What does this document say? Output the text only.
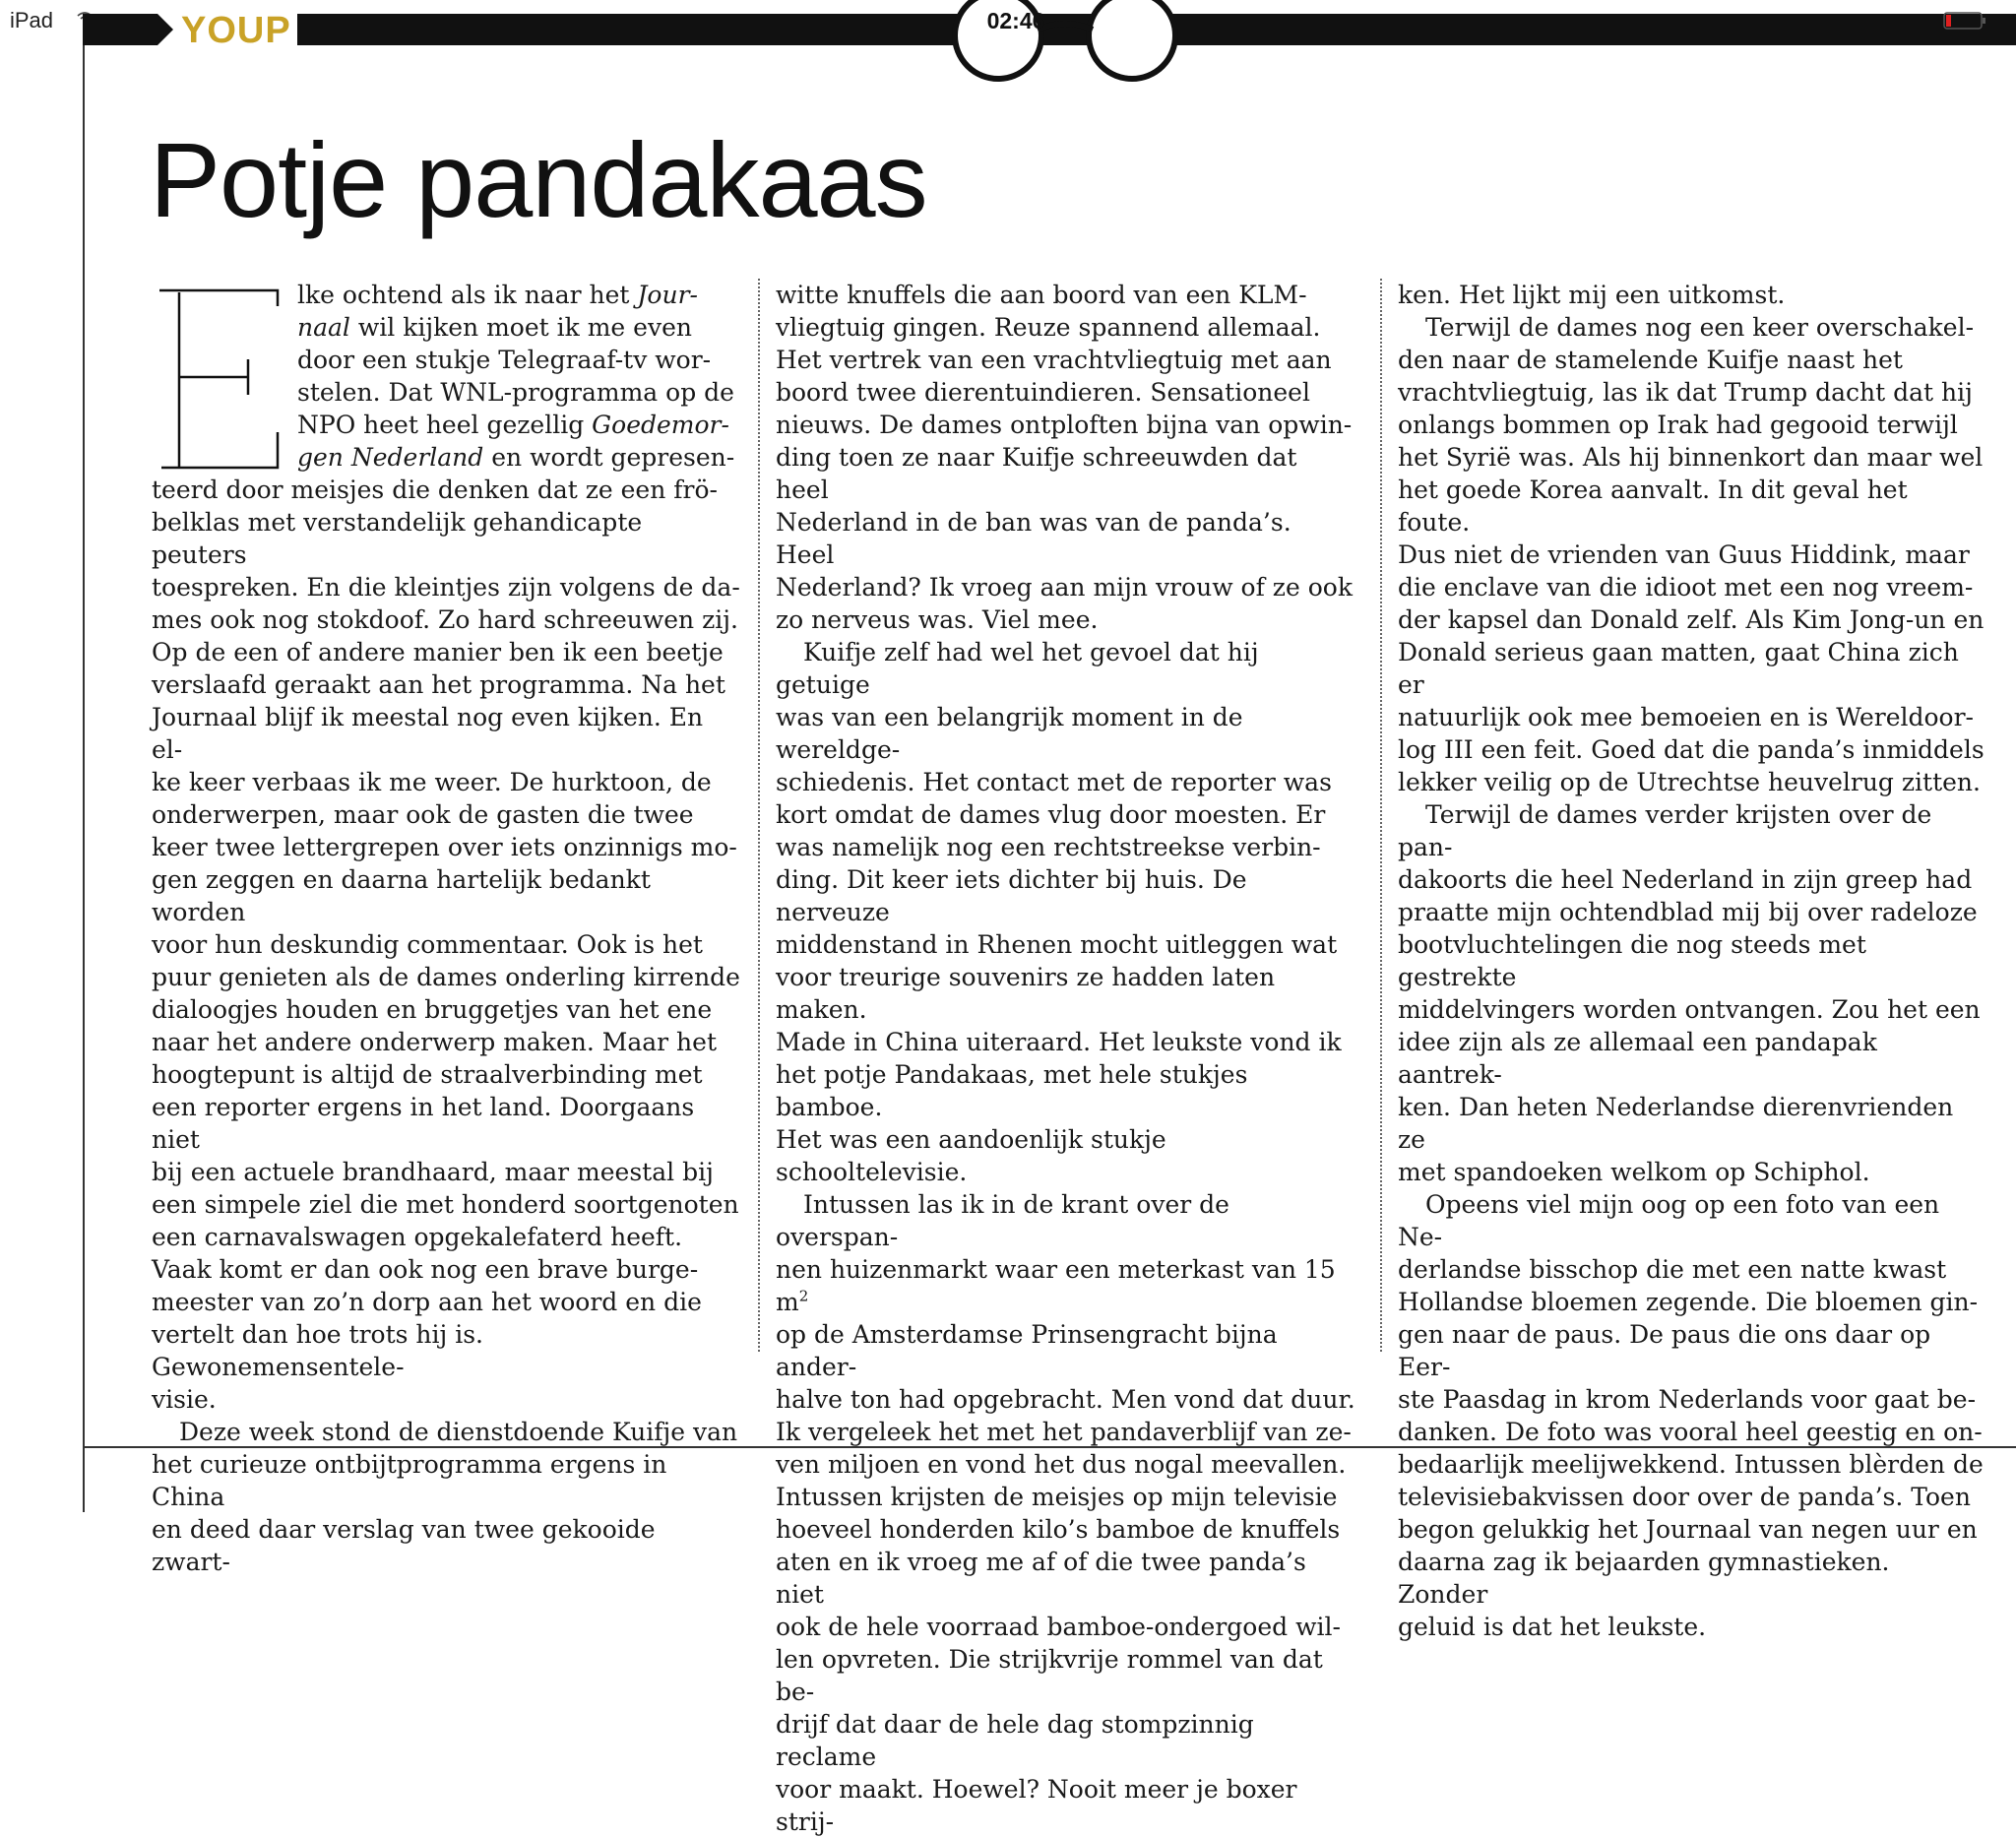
iPad	YOUP	02:46
Potje pandakaas
E	lke ochtend als ik naar het Jour-
naal wil kijken moet ik me even
door een stukje Telegraaf-tv wor-
stelen. Dat WNL-programma op de
NPO heet heel gezellig Goedemor-
gen Nederland en wordt gepresen-
teerd door meisjes die denken dat ze een frö-
belklas met verstandelijk gehandicapte peuters
toespreken. En die kleintjes zijn volgens de da-
mes ook nog stokdoof. Zo hard schreeuwen zij.
Op de een of andere manier ben ik een beetje
verslaafd geraakt aan het programma. Na het
Journaal blijf ik meestal nog even kijken. En el-
ke keer verbaas ik me weer. De hurktoon, de
onderwerpen, maar ook de gasten die twee
keer twee lettergrepen over iets onzinnigs mo-
gen zeggen en daarna hartelijk bedankt worden
voor hun deskundig commentaar. Ook is het
puur genieten als de dames onderling kirrende
dialoogjes houden en bruggetjes van het ene
naar het andere onderwerp maken. Maar het
hoogtepunt is altijd de straalverbinding met
een reporter ergens in het land. Doorgaans niet
bij een actuele brandhaard, maar meestal bij
een simpele ziel die met honderd soortgenoten
een carnavalswagen opgekalefaterd heeft.
Vaak komt er dan ook nog een brave burge-
meester van zo’n dorp aan het woord en die
vertelt dan hoe trots hij is. Gewonemensentele-
visie.

Deze week stond de dienstdoende Kuifje van
het curieuze ontbijtprogramma ergens in China
en deed daar verslag van twee gekooide zwart-

witte knuffels die aan boord van een KLM-
vliegtuig gingen. Reuze spannend allemaal.
Het vertrek van een vrachtvliegtuig met aan
boord twee dierentuindieren. Sensationeel
nieuws. De dames ontploften bijna van opwin-
ding toen ze naar Kuifje schreeuwden dat heel
Nederland in de ban was van de panda’s. Heel
Nederland? Ik vroeg aan mijn vrouw of ze ook
zo nerveus was. Viel mee.

Kuifje zelf had wel het gevoel dat hij getuige
was van een belangrijk moment in de wereldge-
schiedenis. Het contact met de reporter was
kort omdat de dames vlug door moesten. Er
was namelijk nog een rechtstreekse verbin-
ding. Dit keer iets dichter bij huis. De nerveuze
middenstand in Rhenen mocht uitleggen wat
voor treurige souvenirs ze hadden laten maken.
Made in China uiteraard. Het leukste vond ik
het potje Pandakaas, met hele stukjes bamboe.
Het was een aandoenlijk stukje schooltelevisie.

Intussen las ik in de krant over de overspan-
nen huizenmarkt waar een meterkast van 15 $m^2$
op de Amsterdamse Prinsengracht bijna ander-
halve ton had opgebracht. Men vond dat duur.
Ik vergeleek het met het pandaverblijf van ze-
ven miljoen en vond het dus nogal meevallen.
Intussen krijsten de meisjes op mijn televisie
hoeveel honderden kilo’s bamboe de knuffels
aten en ik vroeg me af of die twee panda’s niet
ook de hele voorraad bamboe-ondergoed wil-
len opvreten. Die strijkvrije rommel van dat be-
drijf dat daar de hele dag stompzinnig reclame
voor maakt. Hoewel? Nooit meer je boxer strij-

ken. Het lijkt mij een uitkomst.

Terwijl de dames nog een keer overschakel-
den naar de stamelende Kuifje naast het
vrachtvliegtuig, las ik dat Trump dacht dat hij
onlangs bommen op Irak had gegooid terwijl
het Syrië was. Als hij binnenkort dan maar wel
het goede Korea aanvalt. In dit geval het foute.
Dus niet de vrienden van Guus Hiddink, maar
die enclave van die idioot met een nog vreem-
der kapsel dan Donald zelf. Als Kim Jong-un en
Donald serieus gaan matten, gaat China zich er
natuurlijk ook mee bemoeien en is Wereldoor-
log III een feit. Goed dat die panda’s inmiddels
lekker veilig op de Utrechtse heuvelrug zitten.

Terwijl de dames verder krijsten over de pan-
dakoorts die heel Nederland in zijn greep had
praatte mijn ochtendblad mij bij over radeloze
bootvluchtelingen die nog steeds met gestrekte
middelvingers worden ontvangen. Zou het een
idee zijn als ze allemaal een pandapak aantrek-
ken. Dan heten Nederlandse dierenvrienden ze
met spandoeken welkom op Schiphol.

Opeens viel mijn oog op een foto van een Ne-
derlandse bisschop die met een natte kwast
Hollandse bloemen zegende. Die bloemen gin-
gen naar de paus. De paus die ons daar op Eer-
ste Paasdag in krom Nederlands voor gaat be-
danken. De foto was vooral heel geestig en on-
bedaarlijk meelijwekkend. Intussen blèrden de
televisiebakvissen door over de panda’s. Toen
begon gelukkig het Journaal van negen uur en
daarna zag ik bejaarden gymnastieken. Zonder
geluid is dat het leukste.
